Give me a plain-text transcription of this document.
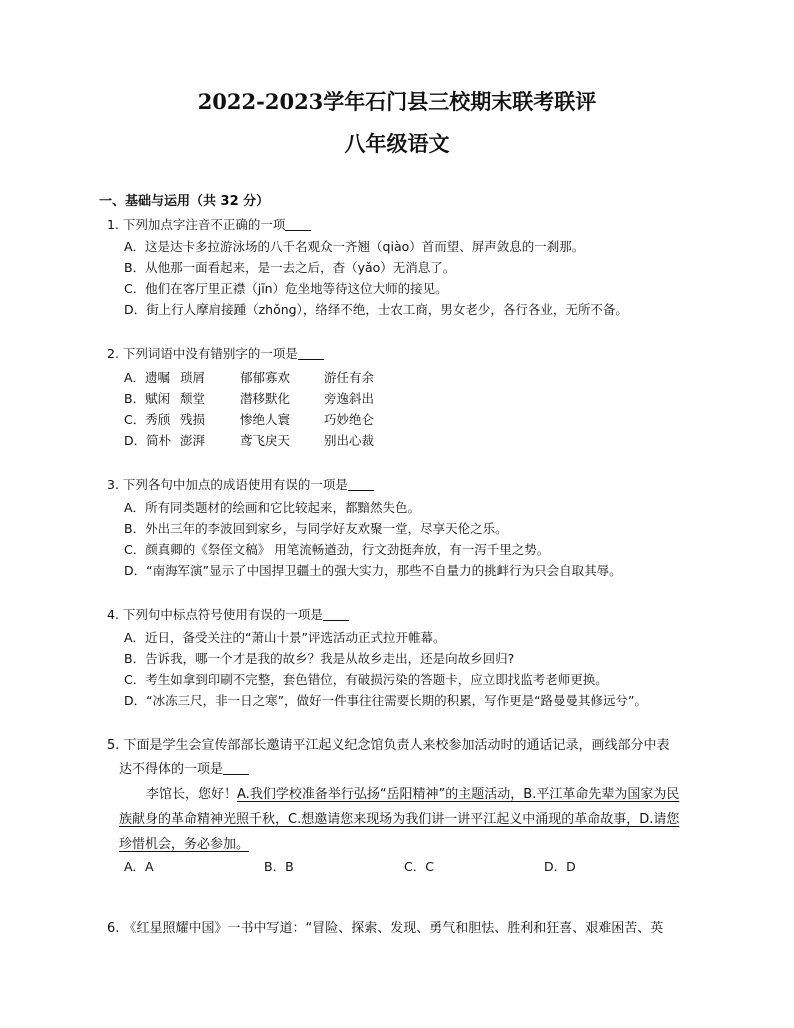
2022-2023学年石门县三校期末联考联评
八年级语文
一、基础与运用（共 32 分）
1. 下列加点字注音不正确的一项
A．这是达卡多拉游泳场的八千名观众一齐翘（qiào）首而望、屏声敛息的一刹那。
B．从他那一面看起来，是一去之后，杳（yǎo）无消息了。
C．他们在客厅里正襟（jīn）危坐地等待这位大师的接见。
D．街上行人摩肩接踵（zhǒng），络绎不绝，士农工商，男女老少，各行各业，无所不备。
2. 下列词语中没有错别字的一项是
A．遗嘱 琐屑	郁郁寡欢	游任有余
B．赋闲 颓堂	潜移默化	旁逸斜出
C．秀颀 残损	惨绝人寰	巧妙绝仑
D．简朴 澎湃	鸢飞戾天	别出心裁
3. 下列各句中加点的成语使用有误的一项是
A．所有同类题材的绘画和它比较起来，都黯然失色。
B．外出三年的李波回到家乡，与同学好友欢聚一堂，尽享天伦之乐。
C．颜真卿的《祭侄文稿》 用笔流畅遒劲，行文劲挺奔放，有一泻千里之势。
D．“南海军演”显示了中国捍卫疆土的强大实力，那些不自量力的挑衅行为只会自取其辱。
4. 下列句中标点符号使用有误的一项是
A．近日，备受关注的“萧山十景”评选活动正式拉开帷幕。
B．告诉我，哪一个才是我的故乡？我是从故乡走出，还是向故乡回归?
C．考生如拿到印刷不完整，套色错位，有破损污染的答题卡，应立即找监考老师更换。
D．“冰冻三尺，非一日之寒”，做好一件事往往需要长期的积累，写作更是“路曼曼其修远兮”。
5. 下面是学生会宣传部部长邀请平江起义纪念馆负责人来校参加活动时的通话记录，画线部分中表
达不得体的一项是
李馆长，您好！A.我们学校准备举行弘扬“岳阳精神”的主题活动，B.平江革命先辈为国家为民
族献身的革命精神光照千秋，C.想邀请您来现场为我们讲一讲平江起义中涌现的革命故事，D.请您
珍惜机会，务必参加。
A．A	B．B	C．C	D．D
6. 《红星照耀中国》一书中写道：“冒险、探索、发现、勇气和胆怯、胜利和狂喜、艰难困苦、英
